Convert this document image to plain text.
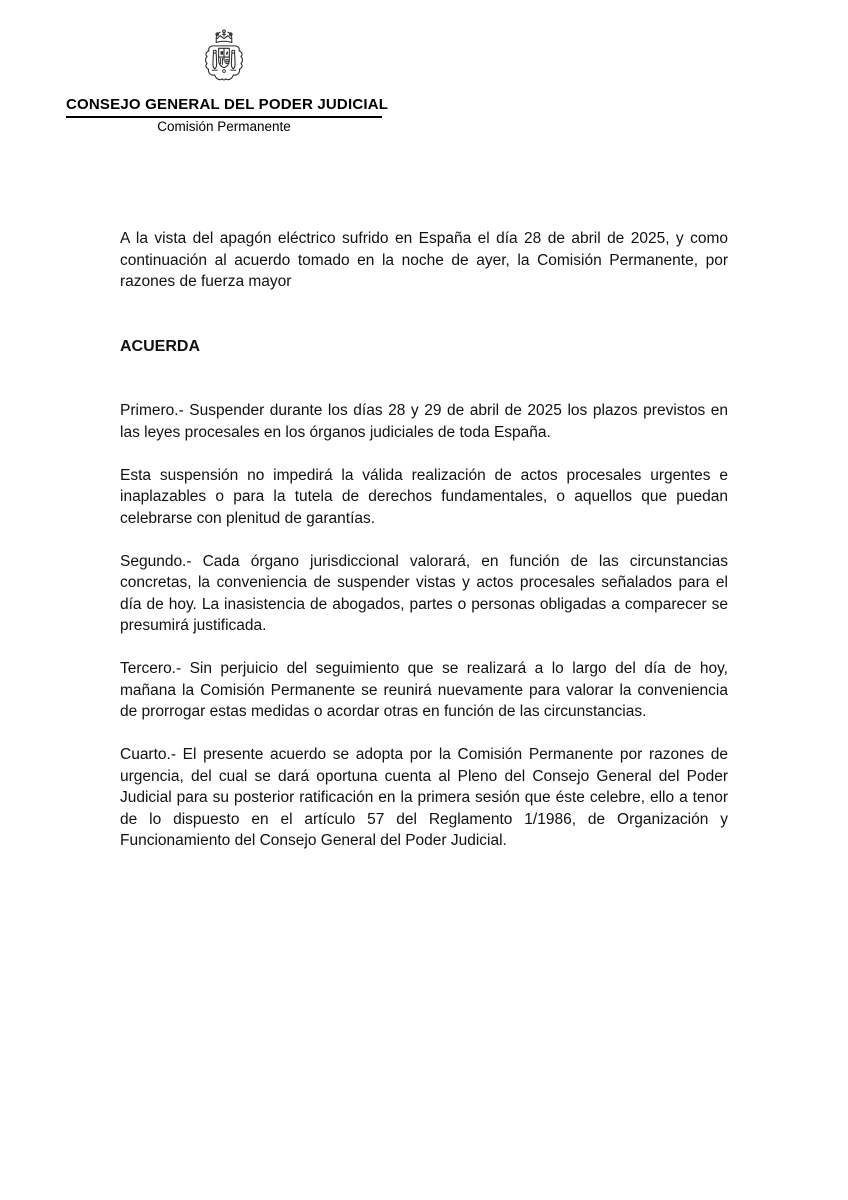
CONSEJO GENERAL DEL PODER JUDICIAL
Comisión Permanente

A la vista del apagón eléctrico sufrido en España el día 28 de abril de 2025, y como continuación al acuerdo tomado en la noche de ayer, la Comisión Permanente, por razones de fuerza mayor

ACUERDA

Primero.- Suspender durante los días 28 y 29 de abril de 2025 los plazos previstos en las leyes procesales en los órganos judiciales de toda España.

Esta suspensión no impedirá la válida realización de actos procesales urgentes e inaplazables o para la tutela de derechos fundamentales, o aquellos que puedan celebrarse con plenitud de garantías.

Segundo.- Cada órgano jurisdiccional valorará, en función de las circunstancias concretas, la conveniencia de suspender vistas y actos procesales señalados para el día de hoy. La inasistencia de abogados, partes o personas obligadas a comparecer se presumirá justificada.

Tercero.- Sin perjuicio del seguimiento que se realizará a lo largo del día de hoy, mañana la Comisión Permanente se reunirá nuevamente para valorar la conveniencia de prorrogar estas medidas o acordar otras en función de las circunstancias.

Cuarto.- El presente acuerdo se adopta por la Comisión Permanente por razones de urgencia, del cual se dará oportuna cuenta al Pleno del Consejo General del Poder Judicial para su posterior ratificación en la primera sesión que éste celebre, ello a tenor de lo dispuesto en el artículo 57 del Reglamento 1/1986, de Organización y Funcionamiento del Consejo General del Poder Judicial.
